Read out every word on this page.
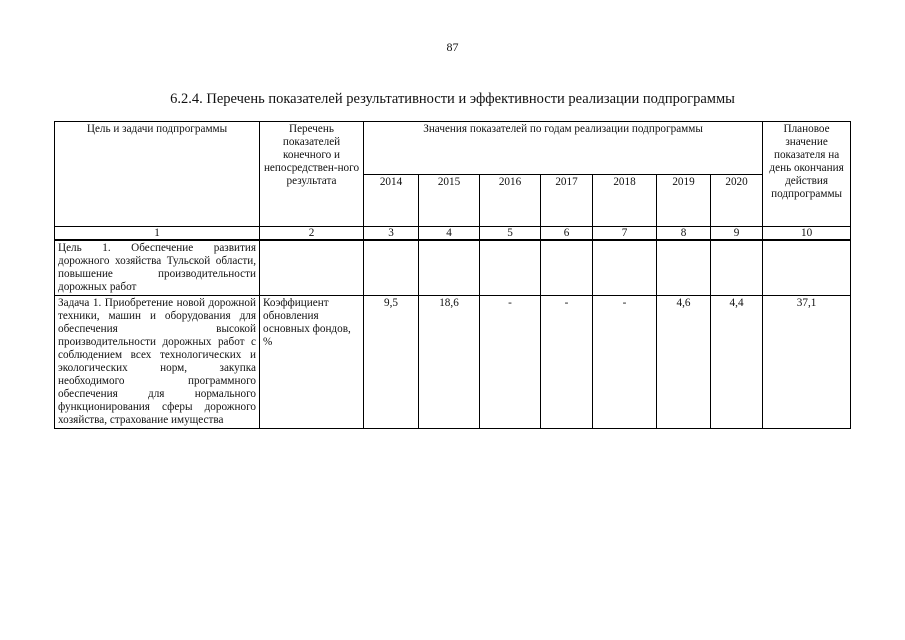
87
6.2.4. Перечень показателей результативности и эффективности реализации подпрограммы
Цель и задачи подпрограммы	Перечень показателей конечного и непосредствен-ного результата	Значения показателей по годам реализации подпрограммы							Плановое значение показателя на день окончания действия подпрограммы
		2014	2015	2016	2017	2018	2019	2020	
1	2	3	4	5	6	7	8	9	10
Цель 1. Обеспечение развития дорожного хозяйства Тульской области, повышение производительности дорожных работ									
Задача 1. Приобретение новой дорожной техники, машин и оборудования для обеспечения высокой производительности дорожных работ с соблюдением всех технологических и экологических норм, закупка необходимого программного обеспечения для нормального функционирования сферы дорожного хозяйства, страхование имущества	Коэффициент обновления основных фондов, %	9,5	18,6	-	-	-	4,6	4,4	37,1
